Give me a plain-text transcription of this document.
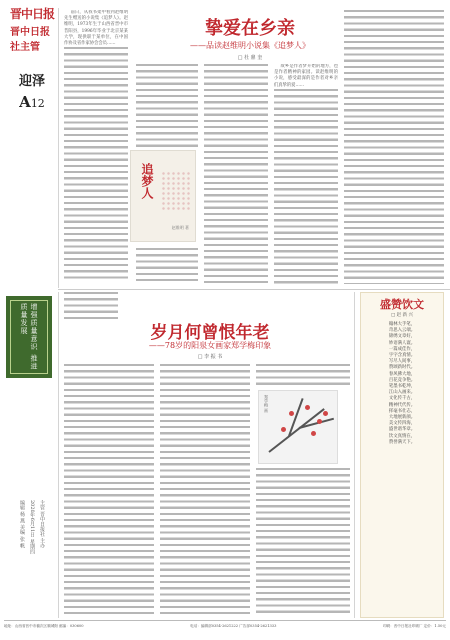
晋中日报
晋中日报社主管
迎泽
A12

前日，从我书架中看到赵维明先生赠送的小说集《追梦人》。赵维明，1973年生于山西省晋中市昔阳县，1996年毕业于北京某某大学，现供职于某单位，在中国作协及省作家协会会员……

挚爱在乡亲
——品读赵维明小说集《追梦人》
□ 杜 鼎 奎
追梦人
赵维明 著

故乡是作者梦开始的地方，也是作者精神的家园。读赵维明的小说，感受最深的是作者对乡亲们真挚的爱……

增强质量意识 推进质量发展	岁月何曾恨年老
——78岁的阳泉女画家郑学梅印象
□ 李 振 书
郑学梅 画
盛赞饮文
□ 赵 新 兴
翰林大手笔，
奇思入云端。
锦绣文章好，
妙语满人寰。
一篇成佳作，
字字含真情。
写尽人间事，
赞颂新时代。
春风拂大地，
百花竞争艳。
笔墨书乾坤，
江山入画来。
文化传千古，
精神代代传。
挥毫书壮志，
大地展新颜。
美文传四海，
盛世谱华章。
饮文真情在，
赞誉满天下。
主管 晋中日报社 主办
2020年6月11日 星期四
编辑 杨 燕 美编 张 帆
地址：山西省晋中市榆次区顺城街 邮编：030600	电话：编辑部0354-2621222 广告部0354-2621333	印刷：晋中日报社印刷厂 定价：1.50元
